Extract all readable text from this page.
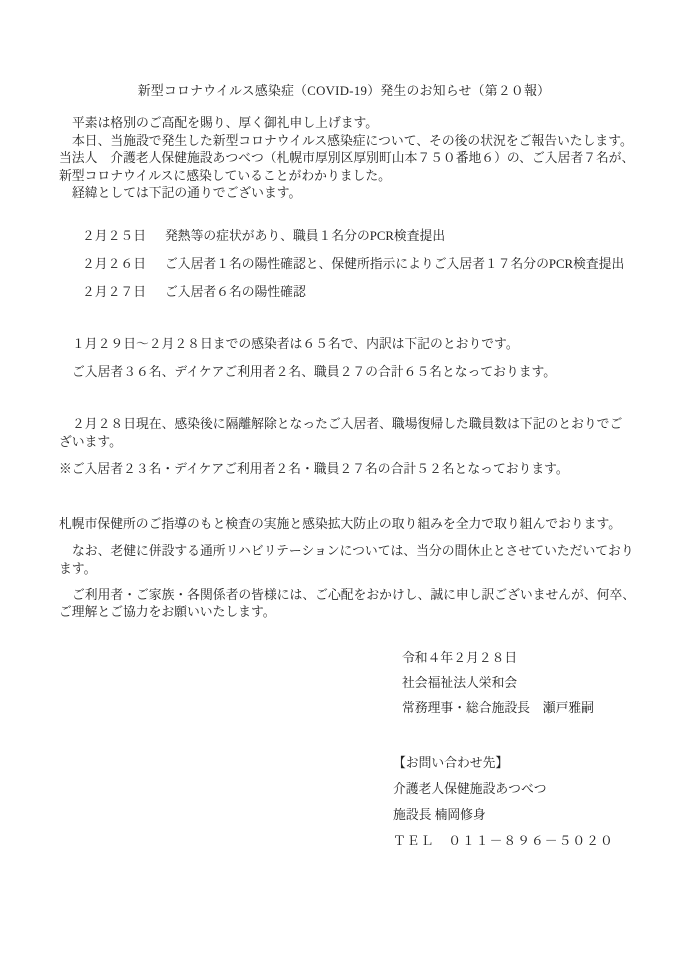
新型コロナウイルス感染症（COVID-19）発生のお知らせ（第２０報）
平素は格別のご高配を賜り、厚く御礼申し上げます。
本日、当施設で発生した新型コロナウイルス感染症について、その後の状況をご報告いたします。
当法人　介護老人保健施設あつべつ（札幌市厚別区厚別町山本７５０番地６）の、ご入居者７名が、
新型コロナウイルスに感染していることがわかりました。
経緯としては下記の通りでございます。
２月２５日 発熱等の症状があり、職員１名分のPCR検査提出
２月２６日 ご入居者１名の陽性確認と、保健所指示によりご入居者１７名分のPCR検査提出
２月２７日 ご入居者６名の陽性確認
１月２９日～２月２８日までの感染者は６５名で、内訳は下記のとおりです。
ご入居者３６名、デイケアご利用者２名、職員２７の合計６５名となっております。
２月２８日現在、感染後に隔離解除となったご入居者、職場復帰した職員数は下記のとおりでご
ざいます。
※ご入居者２３名・デイケアご利用者２名・職員２７名の合計５２名となっております。
札幌市保健所のご指導のもと検査の実施と感染拡大防止の取り組みを全力で取り組んでおります。
なお、老健に併設する通所リハビリテーションについては、当分の間休止とさせていただいており
ます。
ご利用者・ご家族・各関係者の皆様には、ご心配をおかけし、誠に申し訳ございませんが、何卒、
ご理解とご協力をお願いいたします。
令和４年２月２８日
社会福祉法人栄和会
常務理事・総合施設長　瀬戸雅嗣
【お問い合わせ先】
介護老人保健施設あつべつ
施設長 楠岡修身
ＴＥＬ　０１１－８９６－５０２０
